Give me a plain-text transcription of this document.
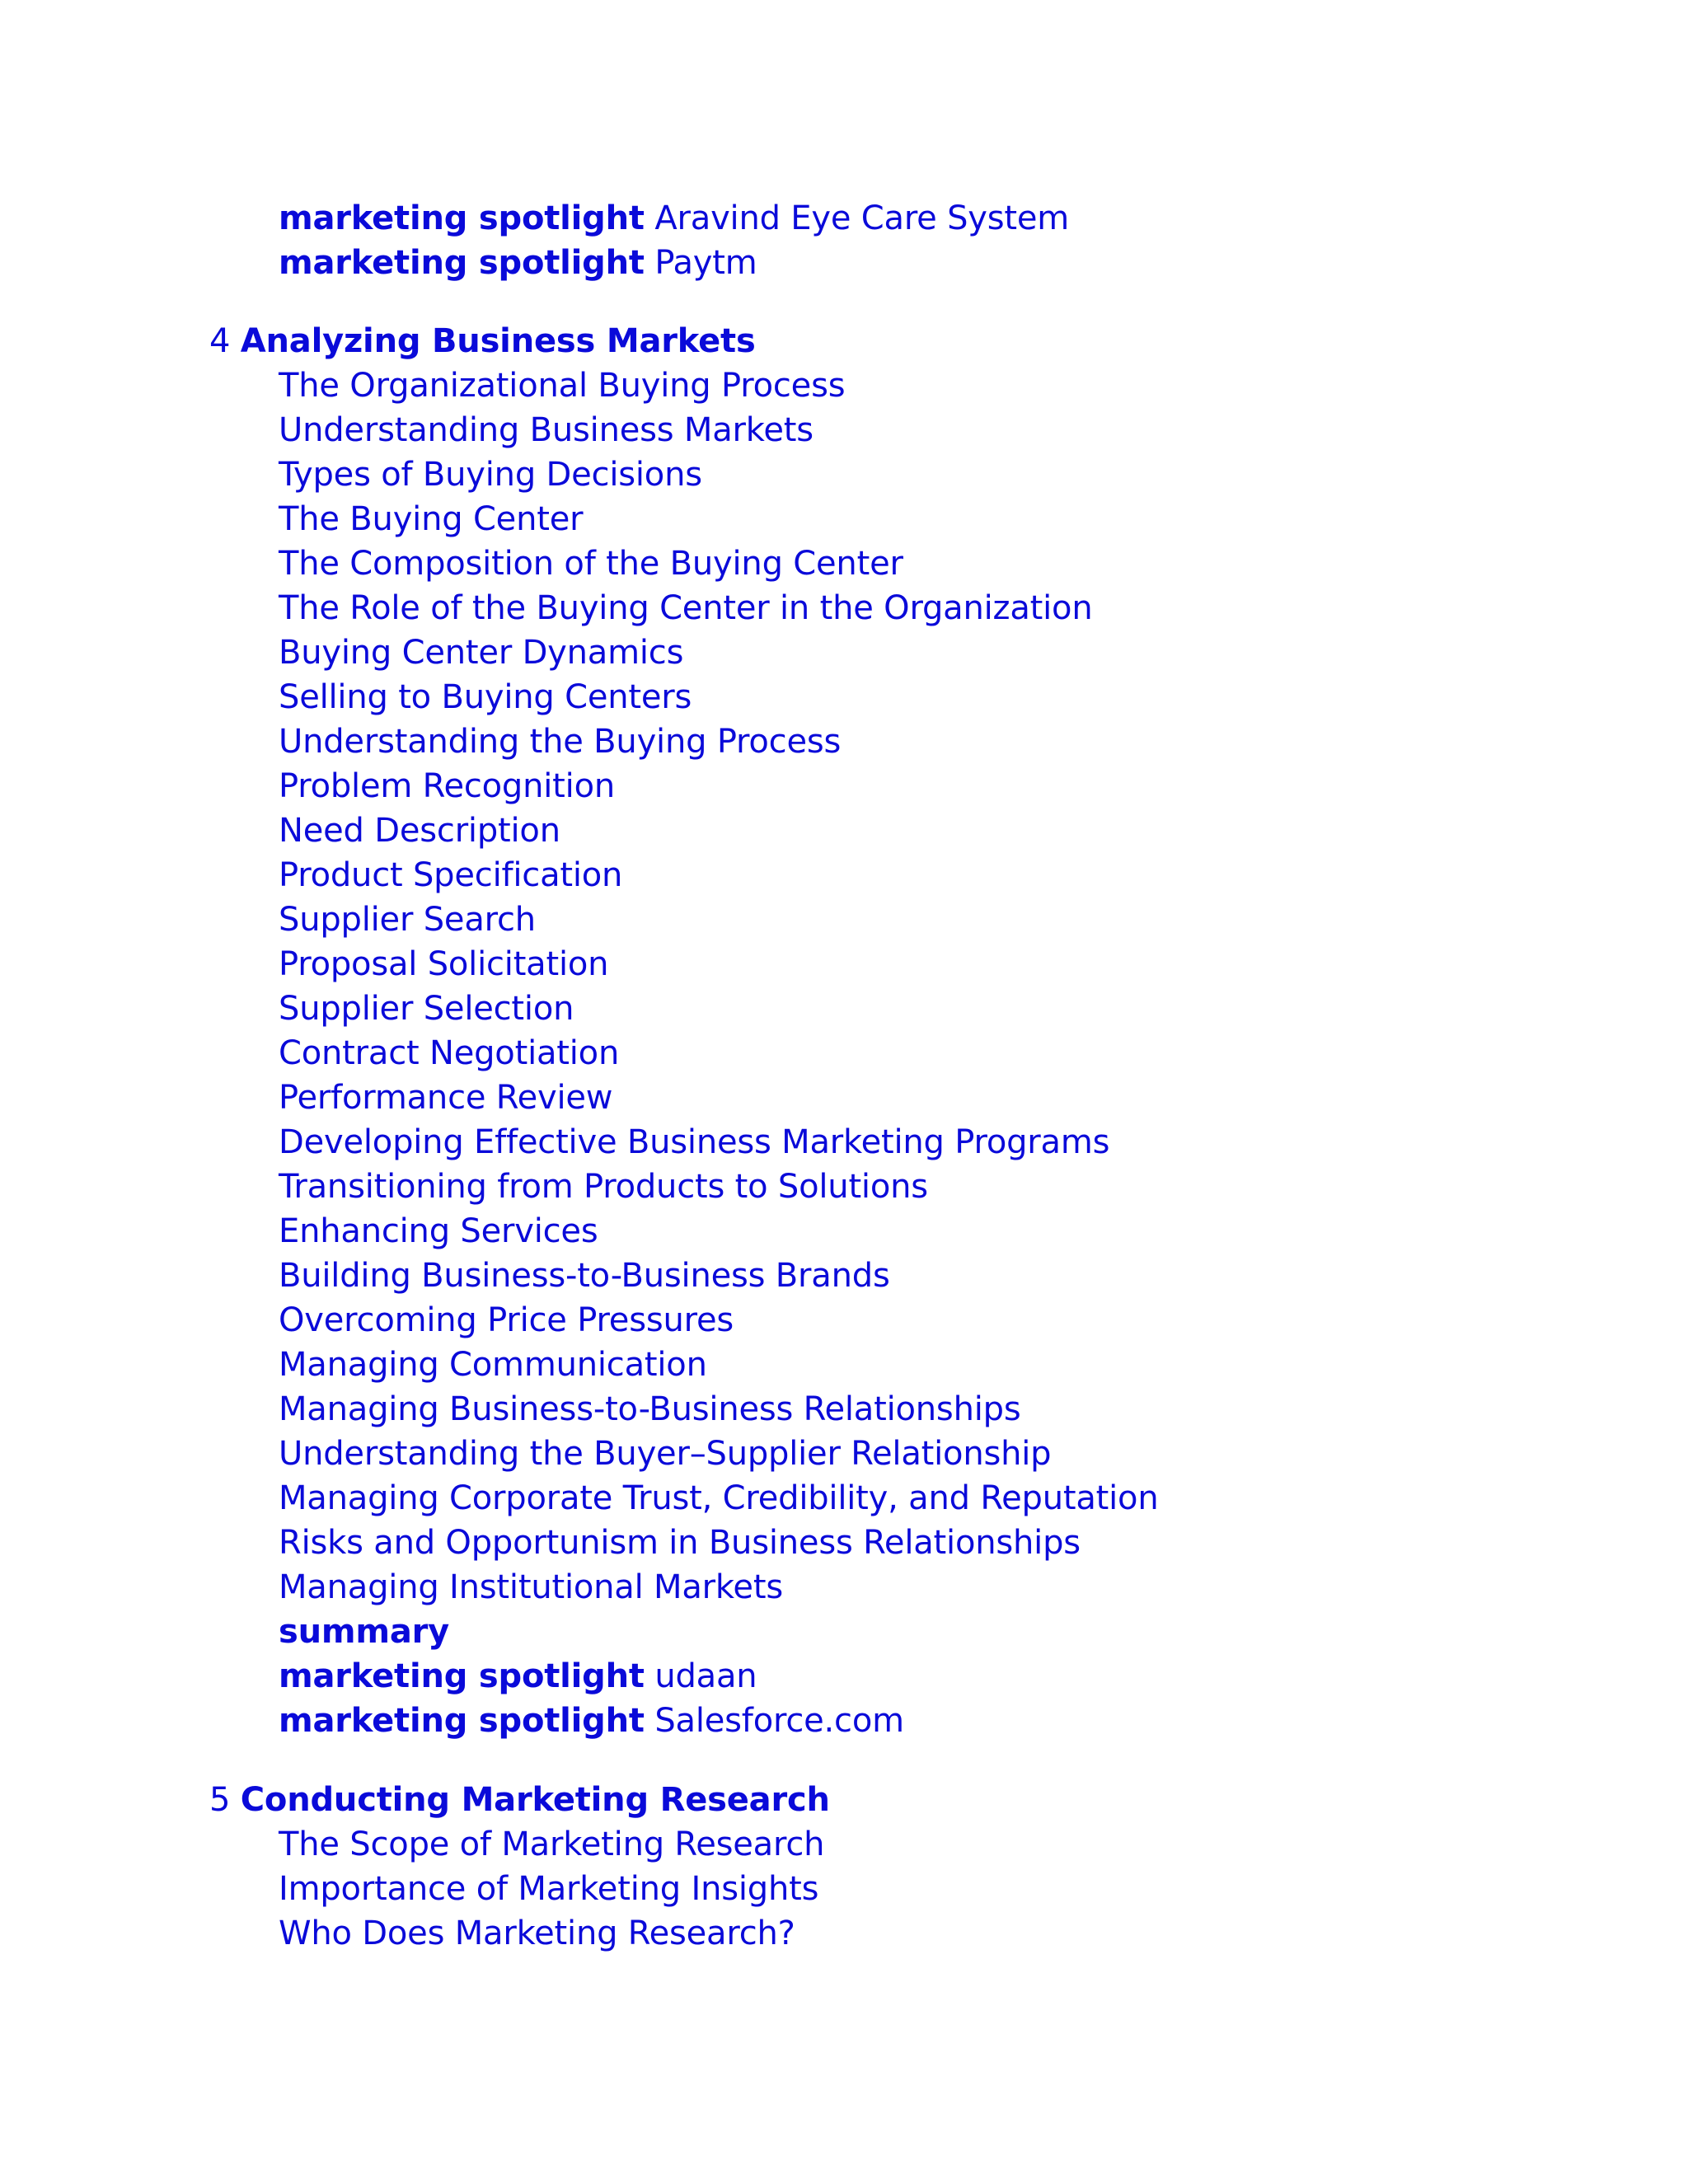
marketing spotlight Aravind Eye Care System
marketing spotlight Paytm
4 Analyzing Business Markets
The Organizational Buying Process
Understanding Business Markets
Types of Buying Decisions
The Buying Center
The Composition of the Buying Center
The Role of the Buying Center in the Organization
Buying Center Dynamics
Selling to Buying Centers
Understanding the Buying Process
Problem Recognition
Need Description
Product Specification
Supplier Search
Proposal Solicitation
Supplier Selection
Contract Negotiation
Performance Review
Developing Effective Business Marketing Programs
Transitioning from Products to Solutions
Enhancing Services
Building Business-to-Business Brands
Overcoming Price Pressures
Managing Communication
Managing Business-to-Business Relationships
Understanding the Buyer–Supplier Relationship
Managing Corporate Trust, Credibility, and Reputation
Risks and Opportunism in Business Relationships
Managing Institutional Markets
summary
marketing spotlight udaan
marketing spotlight Salesforce.com
5 Conducting Marketing Research
The Scope of Marketing Research
Importance of Marketing Insights
Who Does Marketing Research?
